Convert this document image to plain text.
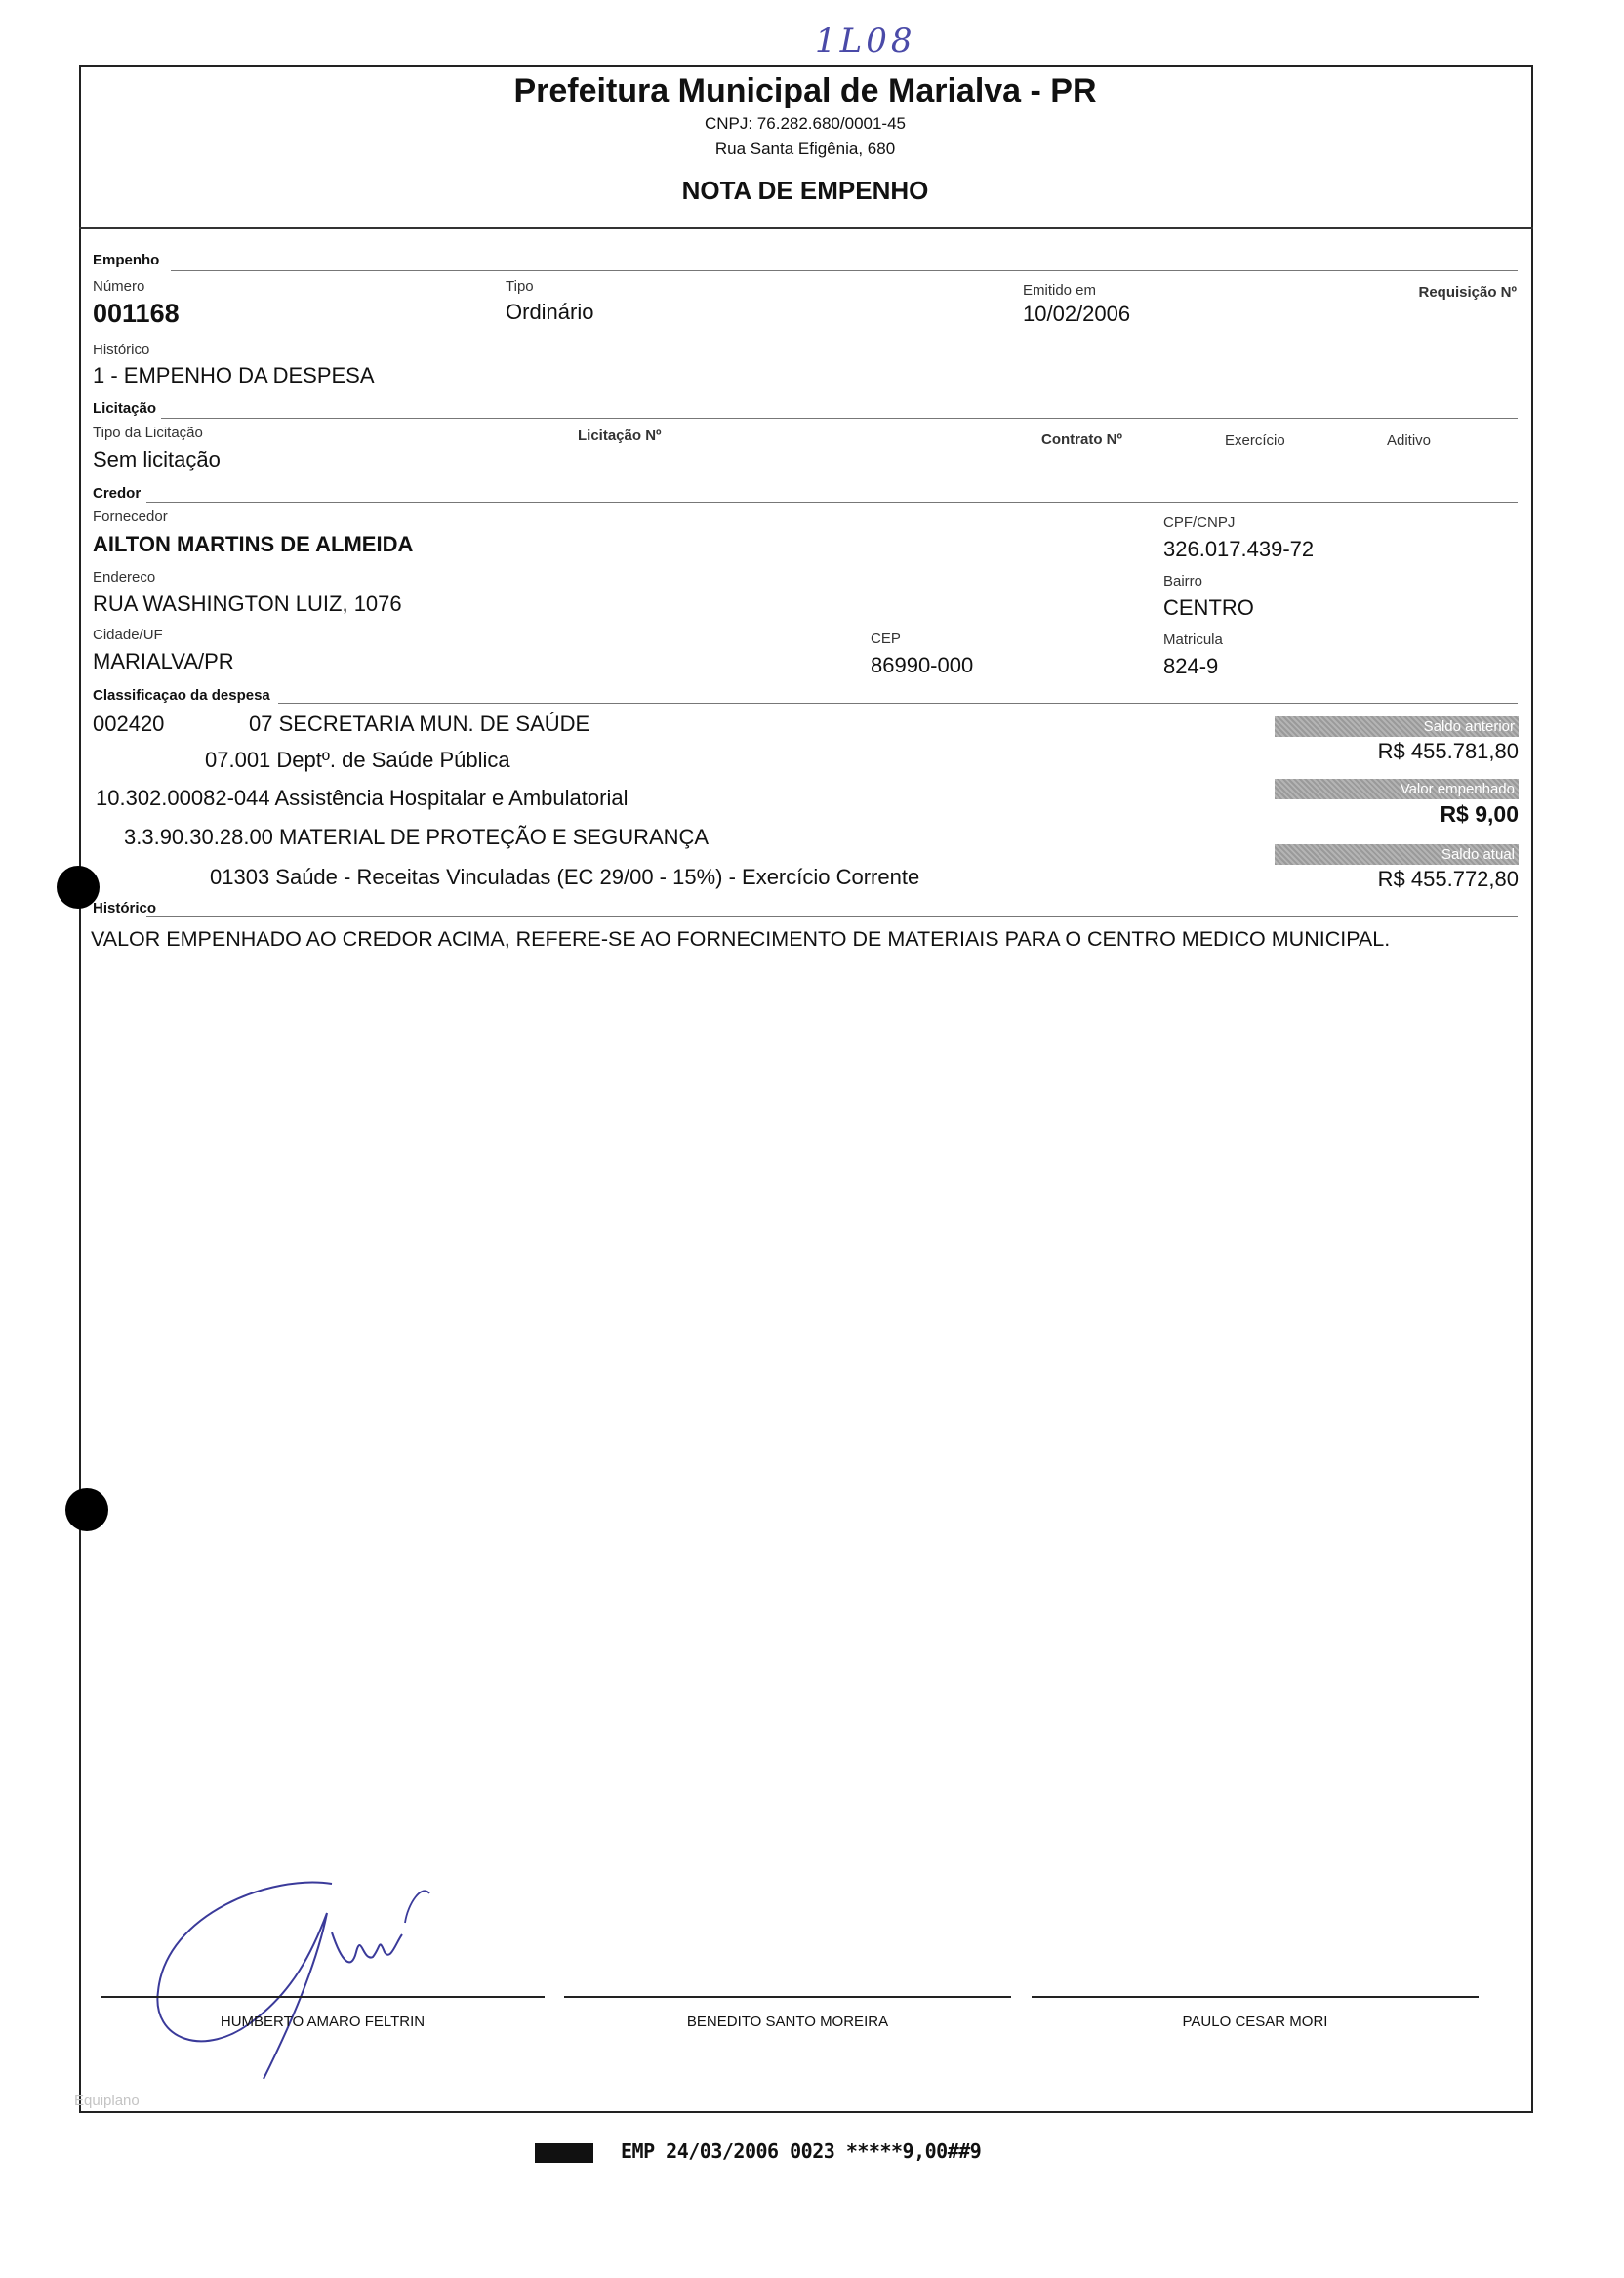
1L08
Prefeitura Municipal de Marialva - PR
CNPJ: 76.282.680/0001-45
Rua Santa Efigênia, 680
NOTA DE EMPENHO
Empenho
Número
001168
Tipo
Ordinário
Emitido em
10/02/2006
Requisição Nº
Histórico
1 - EMPENHO DA DESPESA
Licitação
Tipo da Licitação
Sem licitação
Licitação Nº	Contrato Nº	Exercício	Aditivo
Credor
Fornecedor
AILTON MARTINS DE ALMEIDA
CPF/CNPJ
326.017.439-72
Endereco
RUA WASHINGTON LUIZ, 1076
Bairro
CENTRO
Cidade/UF
MARIALVA/PR
CEP
86990-000
Matricula
824-9
Classificaçao da despesa
002420	07 SECRETARIA MUN. DE SAÚDE
07.001 Deptº. de Saúde Pública
10.302.00082-044 Assistência Hospitalar e Ambulatorial
3.3.90.30.28.00 MATERIAL DE PROTEÇÃO E SEGURANÇA
01303 Saúde - Receitas Vinculadas (EC 29/00 - 15%) - Exercício Corrente
Saldo anterior
R$ 455.781,80
Valor empenhado
R$ 9,00
Saldo atual
R$ 455.772,80
Histórico
VALOR EMPENHADO AO CREDOR ACIMA, REFERE-SE AO FORNECIMENTO DE MATERIAIS PARA O CENTRO MEDICO MUNICIPAL.
HUMBERTO AMARO FELTRIN	BENEDITO SANTO MOREIRA	PAULO CESAR MORI
Equiplano
EMP 24/03/2006 0023 *****9,00##9
